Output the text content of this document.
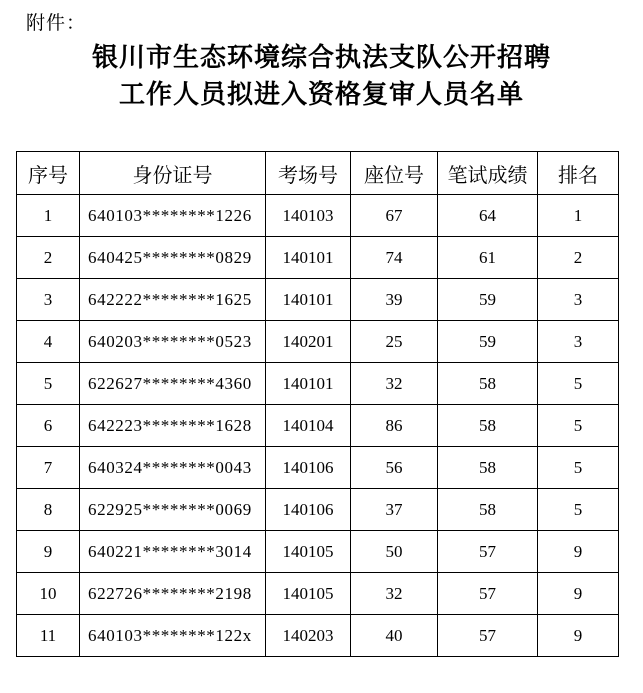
附件：
银川市生态环境综合执法支队公开招聘
工作人员拟进入资格复审人员名单
序号	身份证号	考场号	座位号	笔试成绩	排名
1	640103********1226	140103	67	64	1
2	640425********0829	140101	74	61	2
3	642222********1625	140101	39	59	3
4	640203********0523	140201	25	59	3
5	622627********4360	140101	32	58	5
6	642223********1628	140104	86	58	5
7	640324********0043	140106	56	58	5
8	622925********0069	140106	37	58	5
9	640221********3014	140105	50	57	9
10	622726********2198	140105	32	57	9
11	640103********122x	140203	40	57	9
